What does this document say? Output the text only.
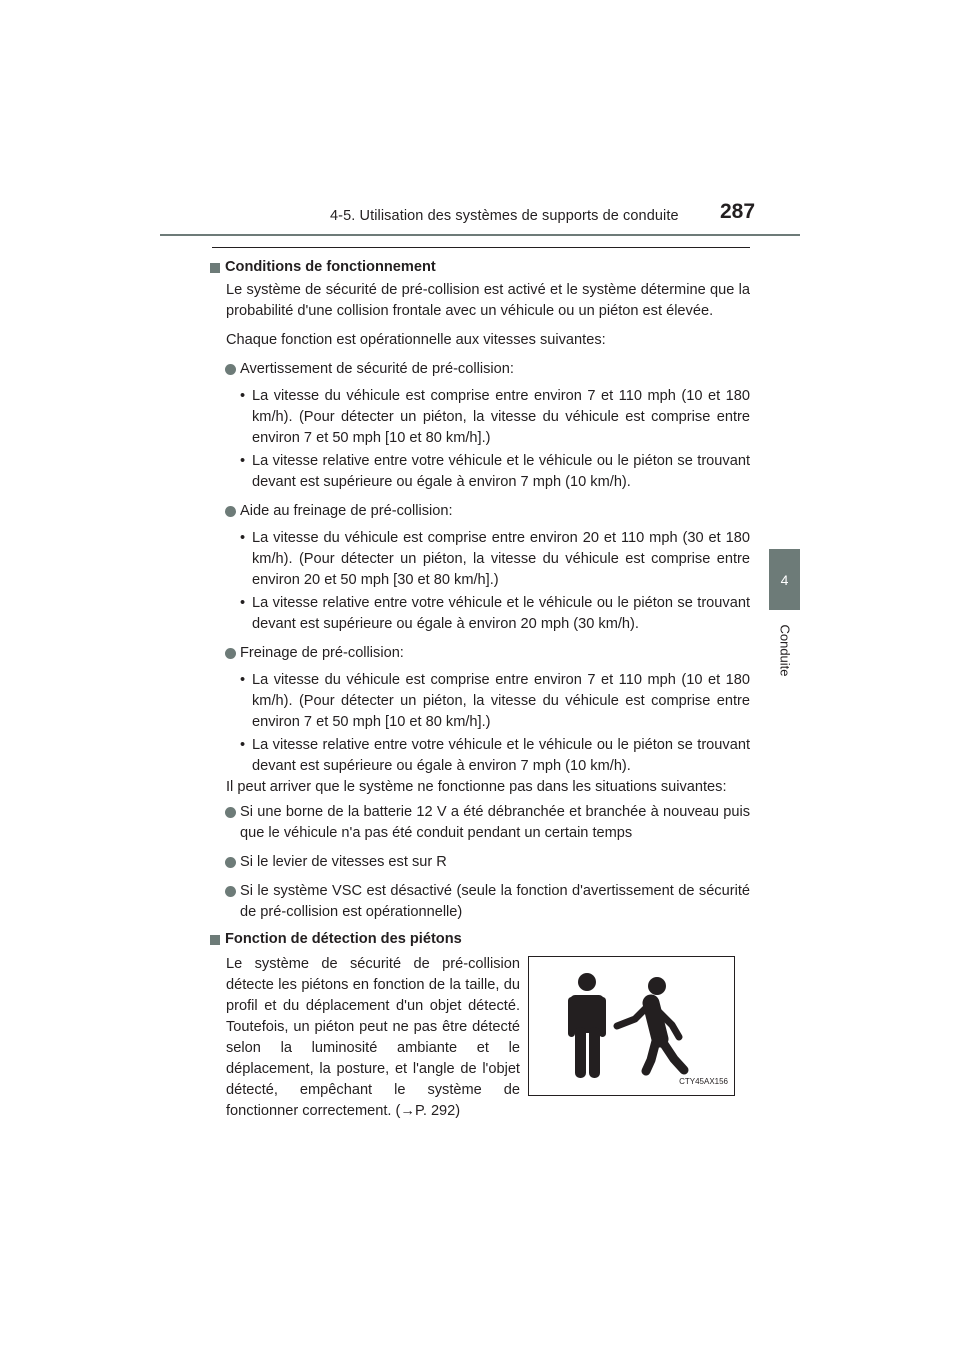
4-5. Utilisation des systèmes de supports de conduite 287
4
Conduite
Conditions de fonctionnement

Le système de sécurité de pré-collision est activé et le système détermine que la probabilité d'une collision frontale avec un véhicule ou un piéton est élevée.

Chaque fonction est opérationnelle aux vitesses suivantes:

Avertissement de sécurité de pré-collision:
• La vitesse du véhicule est comprise entre environ 7 et 110 mph (10 et 180 km/h). (Pour détecter un piéton, la vitesse du véhicule est comprise entre environ 7 et 50 mph [10 et 80 km/h].)
• La vitesse relative entre votre véhicule et le véhicule ou le piéton se trouvant devant est supérieure ou égale à environ 7 mph (10 km/h).
Aide au freinage de pré-collision:
• La vitesse du véhicule est comprise entre environ 20 et 110 mph (30 et 180 km/h). (Pour détecter un piéton, la vitesse du véhicule est comprise entre environ 20 et 50 mph [30 et 80 km/h].)
• La vitesse relative entre votre véhicule et le véhicule ou le piéton se trouvant devant est supérieure ou égale à environ 20 mph (30 km/h).
Freinage de pré-collision:
• La vitesse du véhicule est comprise entre environ 7 et 110 mph (10 et 180 km/h). (Pour détecter un piéton, la vitesse du véhicule est comprise entre environ 7 et 50 mph [10 et 80 km/h].)
• La vitesse relative entre votre véhicule et le véhicule ou le piéton se trouvant devant est supérieure ou égale à environ 7 mph (10 km/h).

Il peut arriver que le système ne fonctionne pas dans les situations suivantes:

Si une borne de la batterie 12 V a été débranchée et branchée à nouveau puis que le véhicule n'a pas été conduit pendant un certain temps
Si le levier de vitesses est sur R
Si le système VSC est désactivé (seule la fonction d'avertissement de sécurité de pré-collision est opérationnelle)
Fonction de détection des piétons

Le système de sécurité de pré-collision détecte les piétons en fonction de la taille, du profil et du déplacement d'un objet détecté. Toutefois, un piéton peut ne pas être détecté selon la luminosité ambiante et le déplacement, la posture, et l'angle de l'objet détecté, empêchant le système de fonctionner correctement. (→P. 292)

CTY45AX156
